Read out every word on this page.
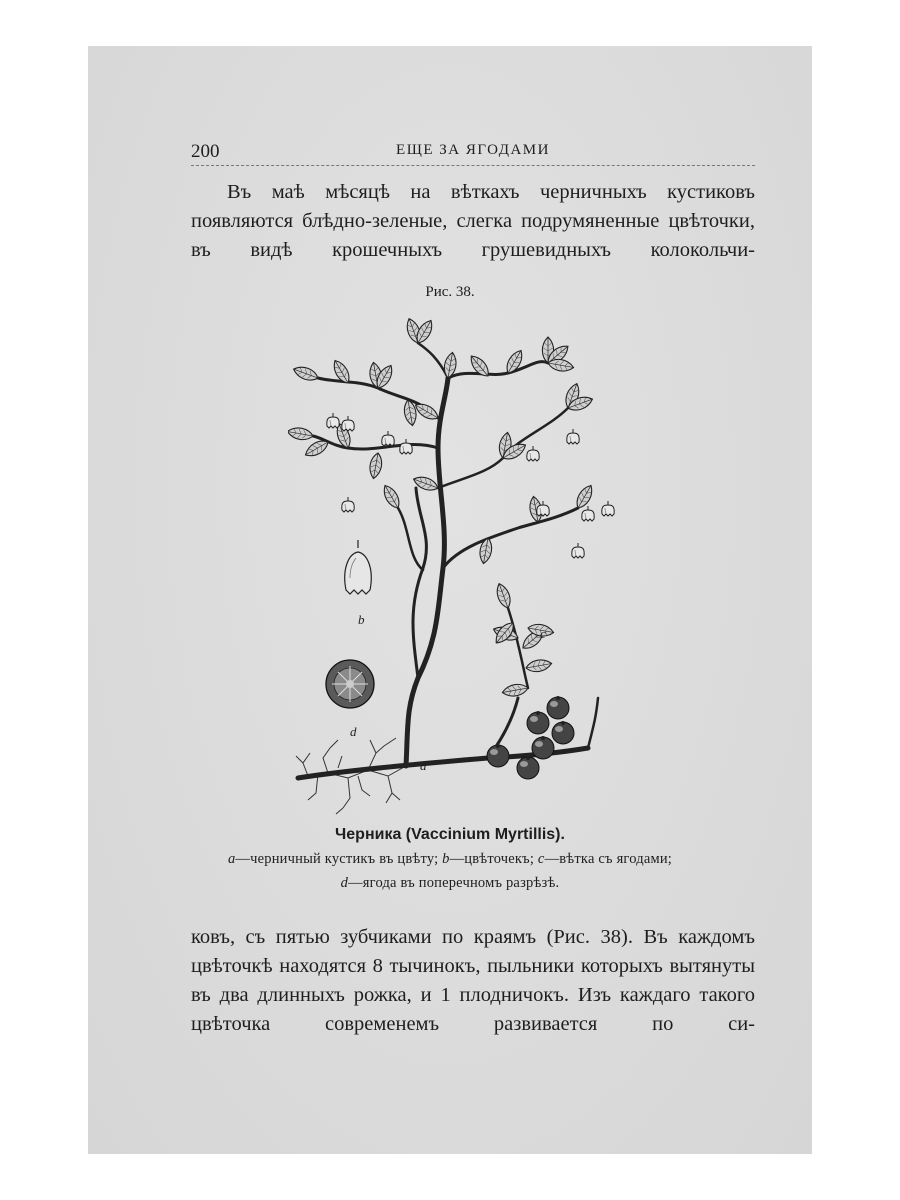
200	ЕЩЕ ЗА ЯГОДАМИ

Въ маѣ мѣсяцѣ на вѣткахъ черничныхъ кустиковъ появляются блѣдно-зеленые, слегка подрумяненные цвѣточки, въ видѣ крошечныхъ грушевидныхъ колокольчи-

Рис. 38.
b
d
c
a
Черника (Vaccinium Myrtillis).
a—черничный кустикъ въ цвѣту; b—цвѣточекъ; c—вѣтка съ ягодами;
d—ягода въ поперечномъ разрѣзѣ.

ковъ, съ пятью зубчиками по краямъ (Рис. 38). Въ каждомъ цвѣточкѣ находятся 8 тычинокъ, пыльники которыхъ вытянуты въ два длинныхъ рожка, и 1 плодничокъ. Изъ каждаго такого цвѣточка современемъ развивается по си-
